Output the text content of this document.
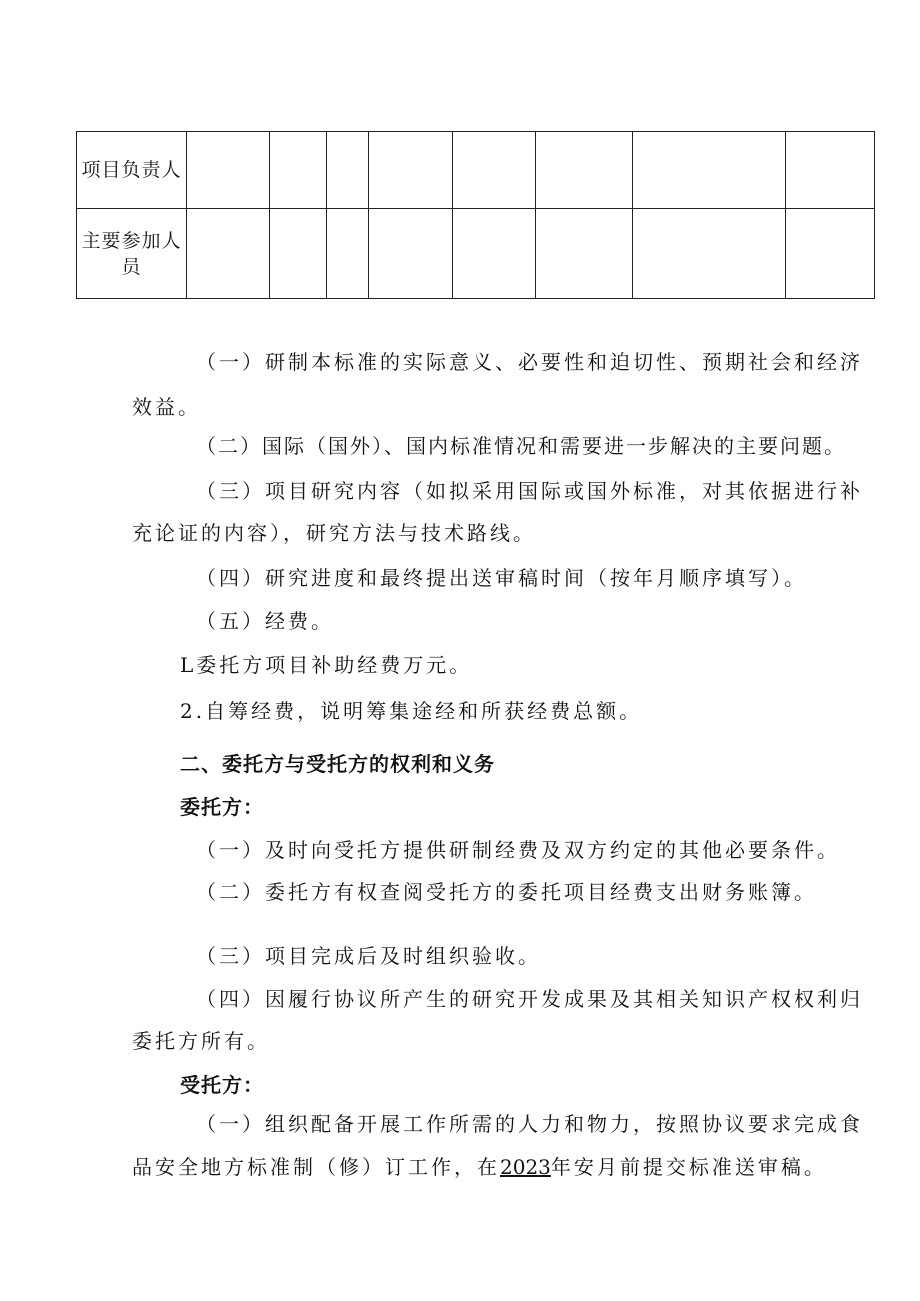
项目负责人								
主要参加人员								
（一）研制本标准的实际意义、必要性和迫切性、预期社会和经济
效益。
（二）国际（国外）、国内标准情况和需要进一步解决的主要问题。
（三）项目研究内容（如拟采用国际或国外标准，对其依据进行补
充论证的内容），研究方法与技术路线。
（四）研究进度和最终提出送审稿时间（按年月顺序填写）。
（五）经费。
L委托方项目补助经费万元。
2.自筹经费，说明筹集途经和所获经费总额。
二、委托方与受托方的权利和义务
委托方：
（一）及时向受托方提供研制经费及双方约定的其他必要条件。
（二）委托方有权查阅受托方的委托项目经费支出财务账簿。
（三）项目完成后及时组织验收。
（四）因履行协议所产生的研究开发成果及其相关知识产权权利归
委托方所有。
受托方：
（一）组织配备开展工作所需的人力和物力，按照协议要求完成食
品安全地方标准制（修）订工作，在2023年安月前提交标准送审稿。
